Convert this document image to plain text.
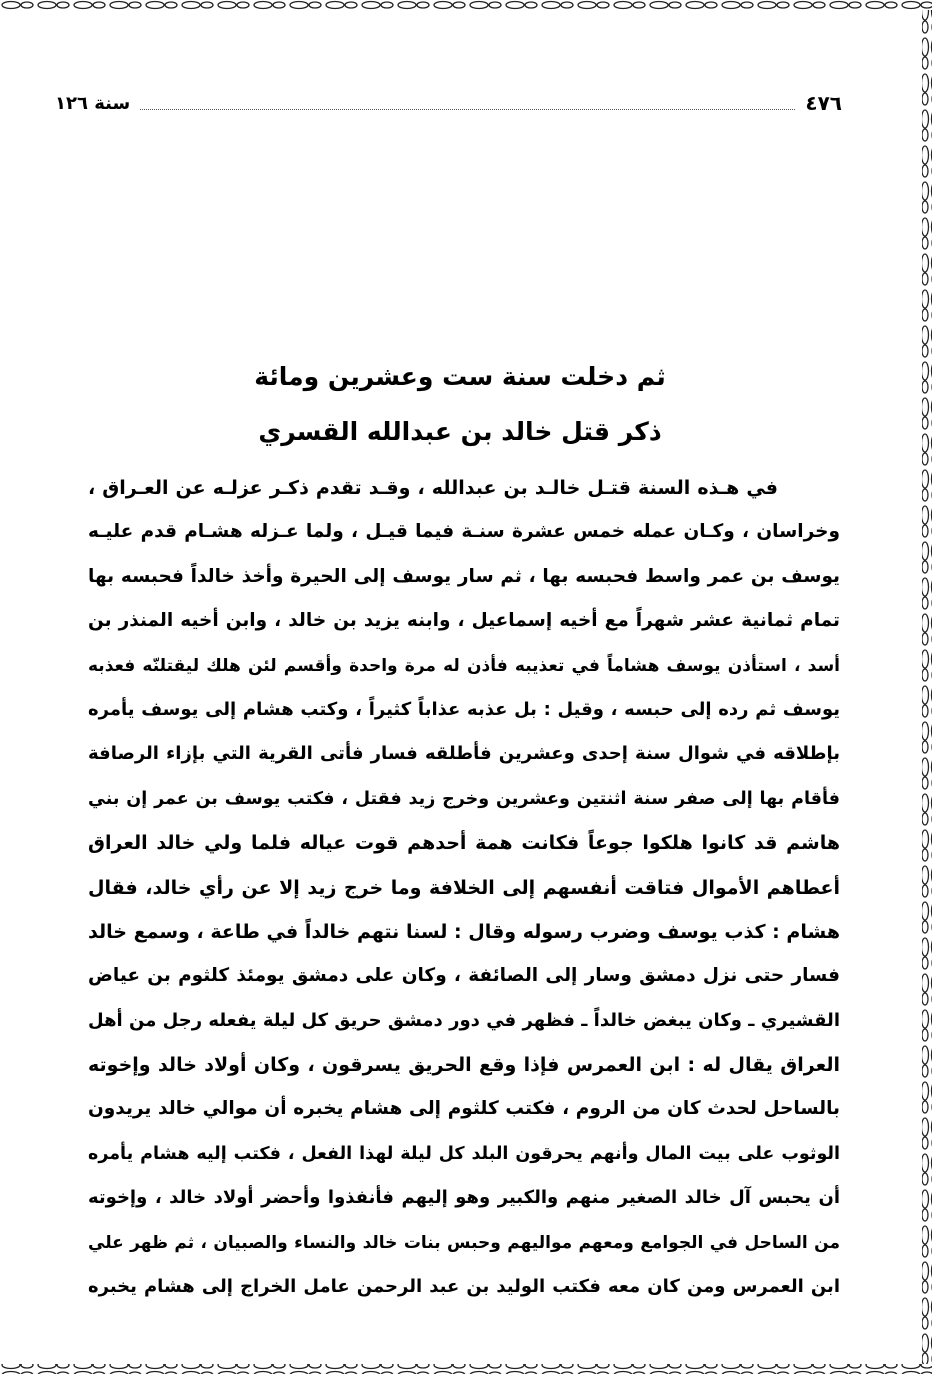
٤٧٦
سنة ١٢٦
ثم دخلت سنة ست وعشرين ومائة
ذكر قتل خالد بن عبدالله القسري
في هـذه السنة قتـل خالـد بن عبدالله ، وقـد تقدم ذكـر عزلـه عن العـراق ،
وخراسان ، وكـان عمله خمس عشرة سنـة فيما قيـل ، ولما عـزله هشـام قدم عليـه
يوسف بن عمر واسط فحبسه بها ، ثم سار يوسف إلى الحيرة وأخذ خالداً فحبسه بها
تمام ثمانية عشر شهراً مع أخيه إسماعيل ، وابنه يزيد بن خالد ، وابن أخيه المنذر بن
أسد ، استأذن يوسف هشاماً في تعذيبه فأذن له مرة واحدة وأقسم لئن هلك ليقتلنّه فعذبه
يوسف ثم رده إلى حبسه ، وقيل : بل عذبه عذاباً كثيراً ، وكتب هشام إلى يوسف يأمره
بإطلاقه في شوال سنة إحدى وعشرين فأطلقه فسار فأتى القرية التي بإزاء الرصافة
فأقام بها إلى صفر سنة اثنتين وعشرين وخرج زيد فقتل ، فكتب يوسف بن عمر إن بني
هاشم قد كانوا هلكوا جوعاً فكانت همة أحدهم قوت عياله فلما ولي خالد العراق
أعطاهم الأموال فتاقت أنفسهم إلى الخلافة وما خرج زيد إلا عن رأي خالد، فقال
هشام : كذب يوسف وضرب رسوله وقال : لسنا نتهم خالداً في طاعة ، وسمع خالد
فسار حتى نزل دمشق وسار إلى الصائفة ، وكان على دمشق يومئذ كلثوم بن عياض
القشيري ـ وكان يبغض خالداً ـ فظهر في دور دمشق حريق كل ليلة يفعله رجل من أهل
العراق يقال له : ابن العمرس فإذا وقع الحريق يسرقون ، وكان أولاد خالد وإخوته
بالساحل لحدث كان من الروم ، فكتب كلثوم إلى هشام يخبره أن موالي خالد يريدون
الوثوب على بيت المال وأنهم يحرقون البلد كل ليلة لهذا الفعل ، فكتب إليه هشام يأمره
أن يحبس آل خالد الصغير منهم والكبير وهو إليهم فأنفذوا وأحضر أولاد خالد ، وإخوته
من الساحل في الجوامع ومعهم مواليهم وحبس بنات خالد والنساء والصبيان ، ثم ظهر علي
ابن العمرس ومن كان معه فكتب الوليد بن عبد الرحمن عامل الخراج إلى هشام يخبره
